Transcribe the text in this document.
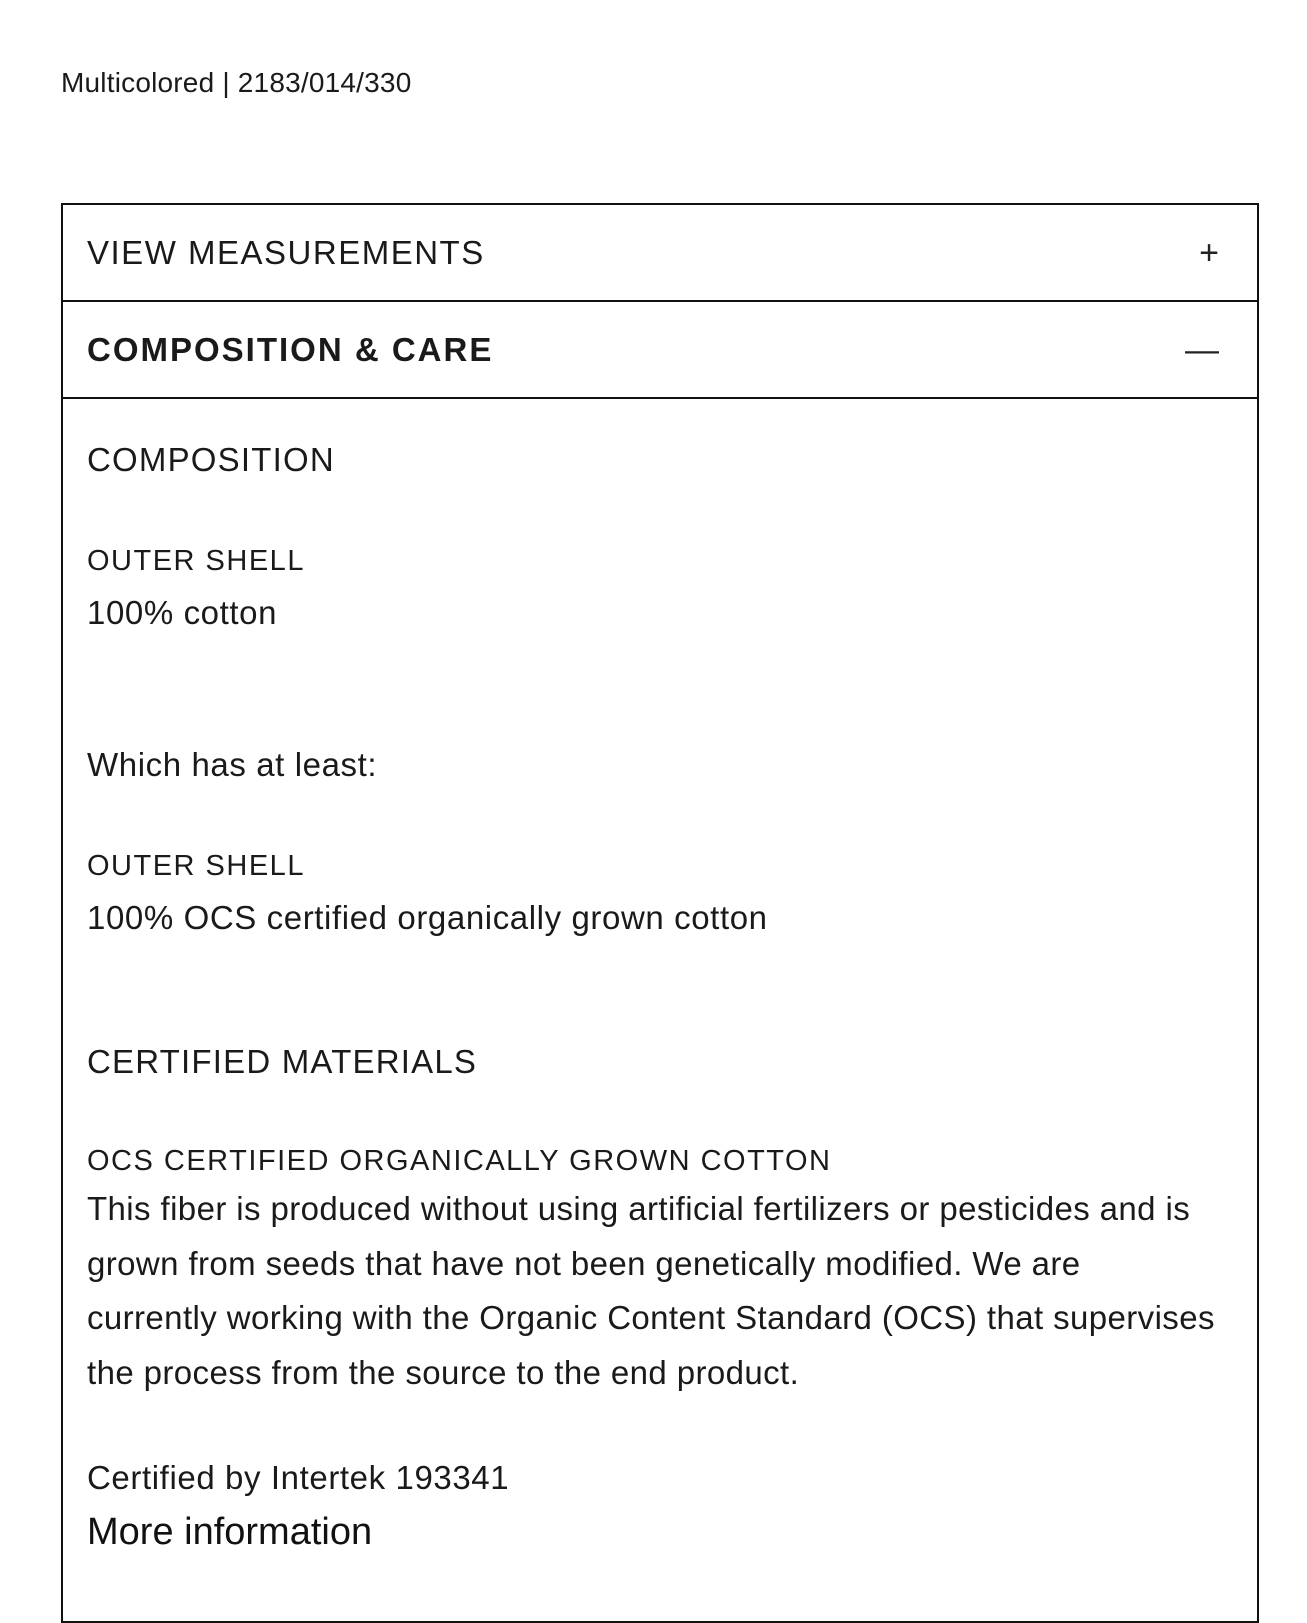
Multicolored | 2183/014/330
VIEW MEASUREMENTS	+
COMPOSITION & CARE	—
COMPOSITION
OUTER SHELL
100% cotton
Which has at least:
OUTER SHELL
100% OCS certified organically grown cotton
CERTIFIED MATERIALS
OCS CERTIFIED ORGANICALLY GROWN COTTON
This fiber is produced without using artificial fertilizers or pesticides and is grown from seeds that have not been genetically modified. We are currently working with the Organic Content Standard (OCS) that supervises the process from the source to the end product.
Certified by Intertek 193341
More information
